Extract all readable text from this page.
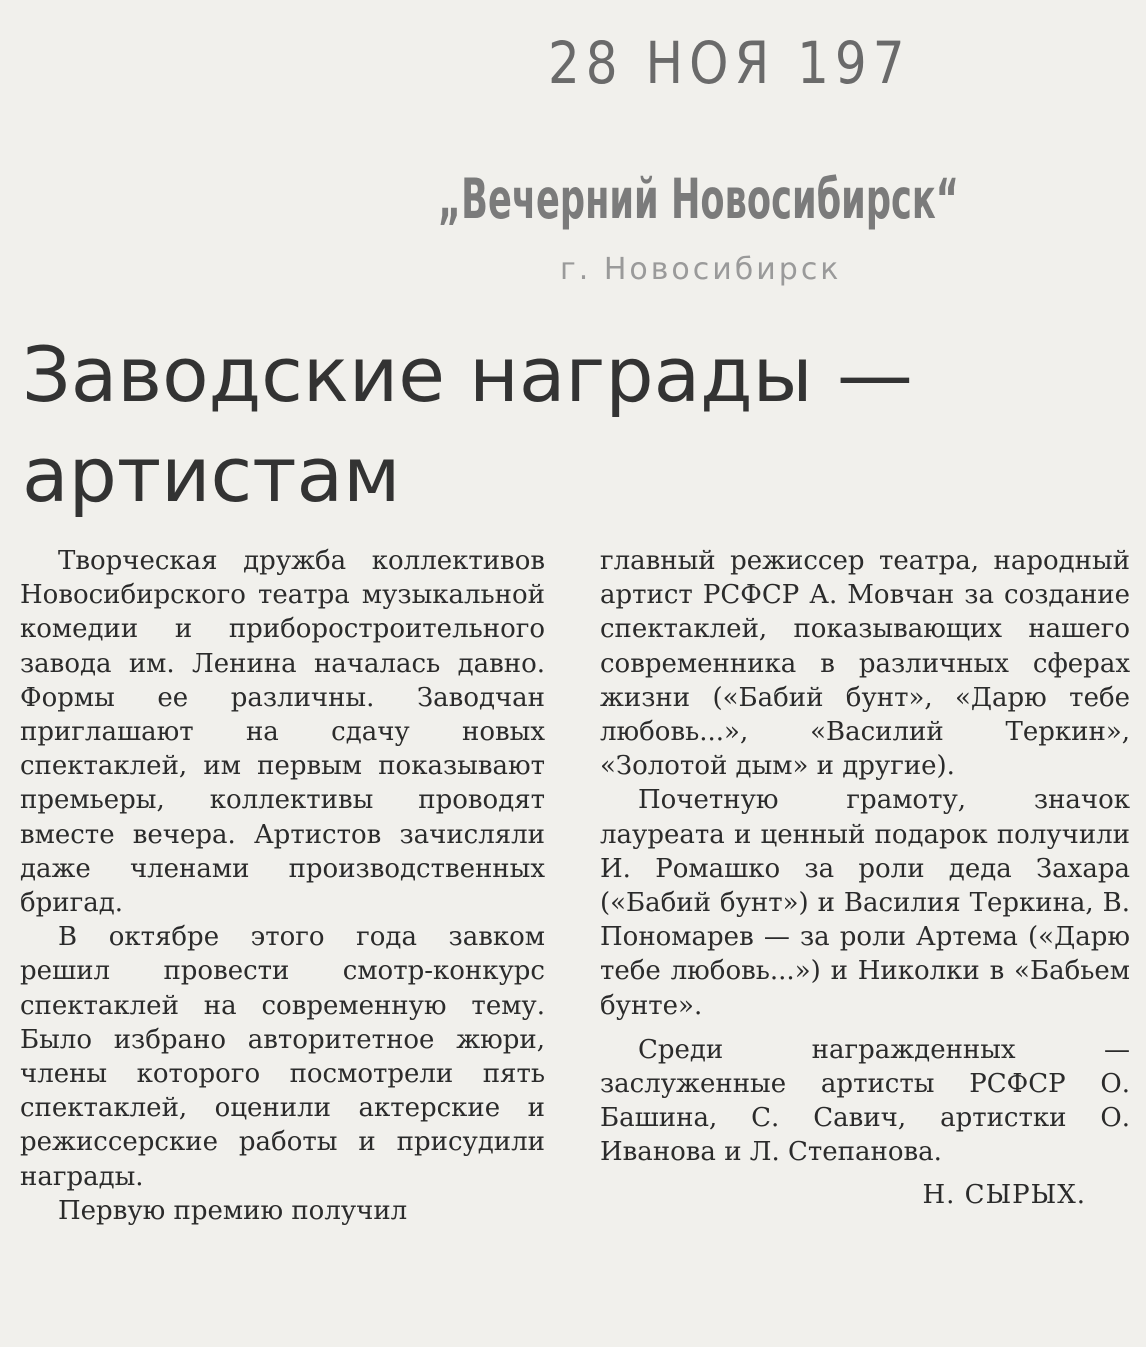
28 НОЯ 197
„Вечерний Новосибирск“
г. Новосибирск
Заводские награды —
артистам

Творческая дружба коллективов Новосибирского театра музыкальной комедии и приборостроительного завода им. Ленина началась давно. Формы ее различны. Заводчан приглашают на сдачу новых спектаклей, им первым показывают премьеры, коллективы проводят вместе вечера. Артистов зачисляли даже членами производственных бригад.

В октябре этого года завком решил провести смотр-конкурс спектаклей на современную тему. Было избрано авторитетное жюри, члены которого посмотрели пять спектаклей, оценили актерские и режиссерские работы и присудили награды.

Первую премию получил

главный режиссер театра, народный артист РСФСР А. Мовчан за создание спектаклей, показывающих нашего современника в различных сферах жизни («Бабий бунт», «Дарю тебе любовь...», «Василий Теркин», «Золотой дым» и другие).

Почетную грамоту, значок лауреата и ценный подарок получили И. Ромашко за роли деда Захара («Бабий бунт») и Василия Теркина, В. Пономарев — за роли Артема («Дарю тебе любовь...») и Николки в «Бабьем бунте».

Среди награжденных — заслуженные артисты РСФСР О. Башина, С. Савич, артистки О. Иванова и Л. Степанова.

Н. СЫРЫХ.
